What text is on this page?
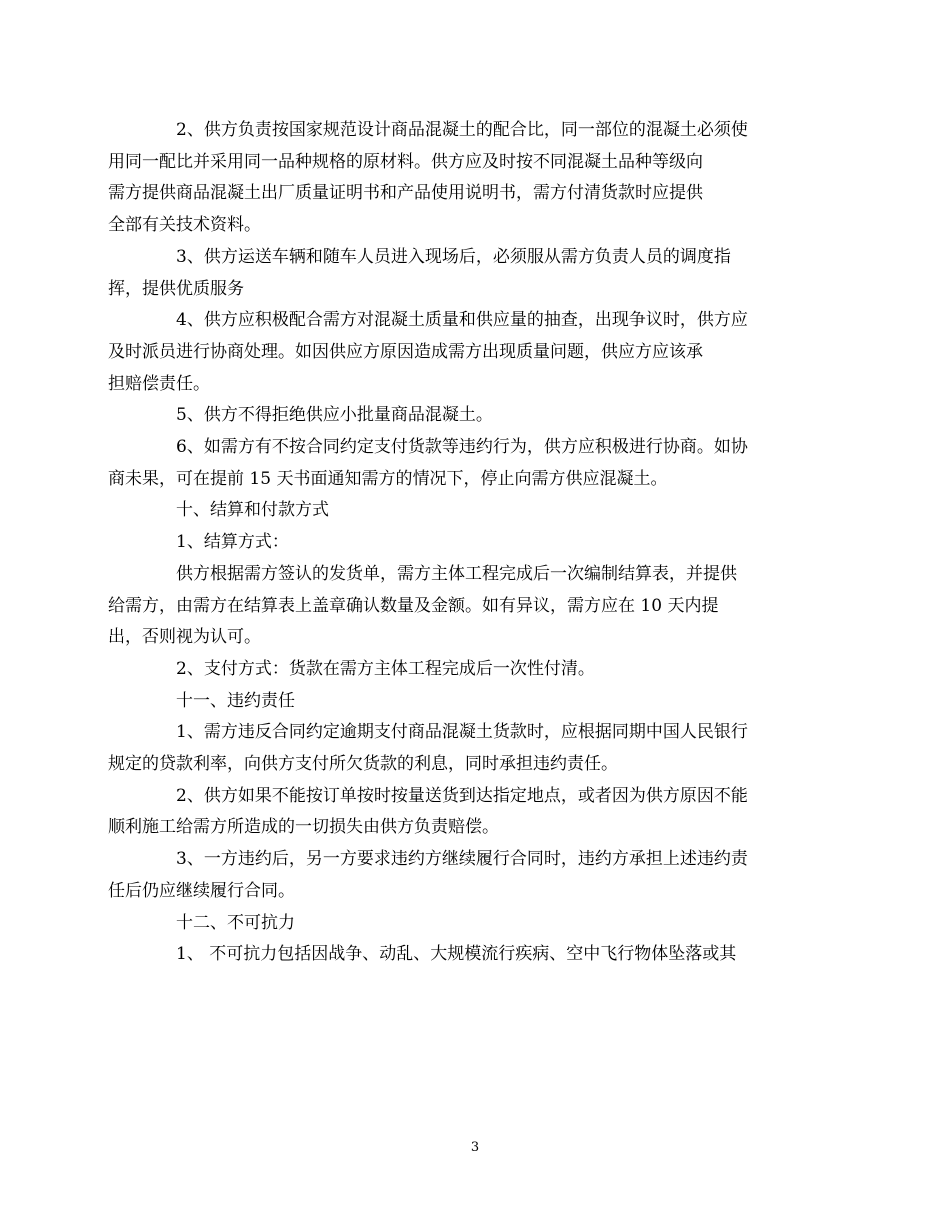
2、供方负责按国家规范设计商品混凝土的配合比，同一部位的混凝土必须使
用同一配比并采用同一品种规格的原材料。供方应及时按不同混凝土品种等级向
需方提供商品混凝土出厂质量证明书和产品使用说明书，需方付清货款时应提供
全部有关技术资料。

3、供方运送车辆和随车人员进入现场后，必须服从需方负责人员的调度指
挥，提供优质服务

4、供方应积极配合需方对混凝土质量和供应量的抽查，出现争议时，供方应
及时派员进行协商处理。如因供应方原因造成需方出现质量问题，供应方应该承
担赔偿责任。

5、供方不得拒绝供应小批量商品混凝土。

6、如需方有不按合同约定支付货款等违约行为，供方应积极进行协商。如协
商未果，可在提前 15 天书面通知需方的情况下，停止向需方供应混凝土。

十、结算和付款方式

1、结算方式：

供方根据需方签认的发货单，需方主体工程完成后一次编制结算表，并提供
给需方，由需方在结算表上盖章确认数量及金额。如有异议，需方应在 10 天内提
出，否则视为认可。

2、支付方式：货款在需方主体工程完成后一次性付清。

十一、违约责任

1、需方违反合同约定逾期支付商品混凝土货款时，应根据同期中国人民银行
规定的贷款利率，向供方支付所欠货款的利息，同时承担违约责任。

2、供方如果不能按订单按时按量送货到达指定地点，或者因为供方原因不能
顺利施工给需方所造成的一切损失由供方负责赔偿。

3、一方违约后，另一方要求违约方继续履行合同时，违约方承担上述违约责
任后仍应继续履行合同。

十二、不可抗力

1、 不可抗力包括因战争、动乱、大规模流行疾病、空中飞行物体坠落或其

3
